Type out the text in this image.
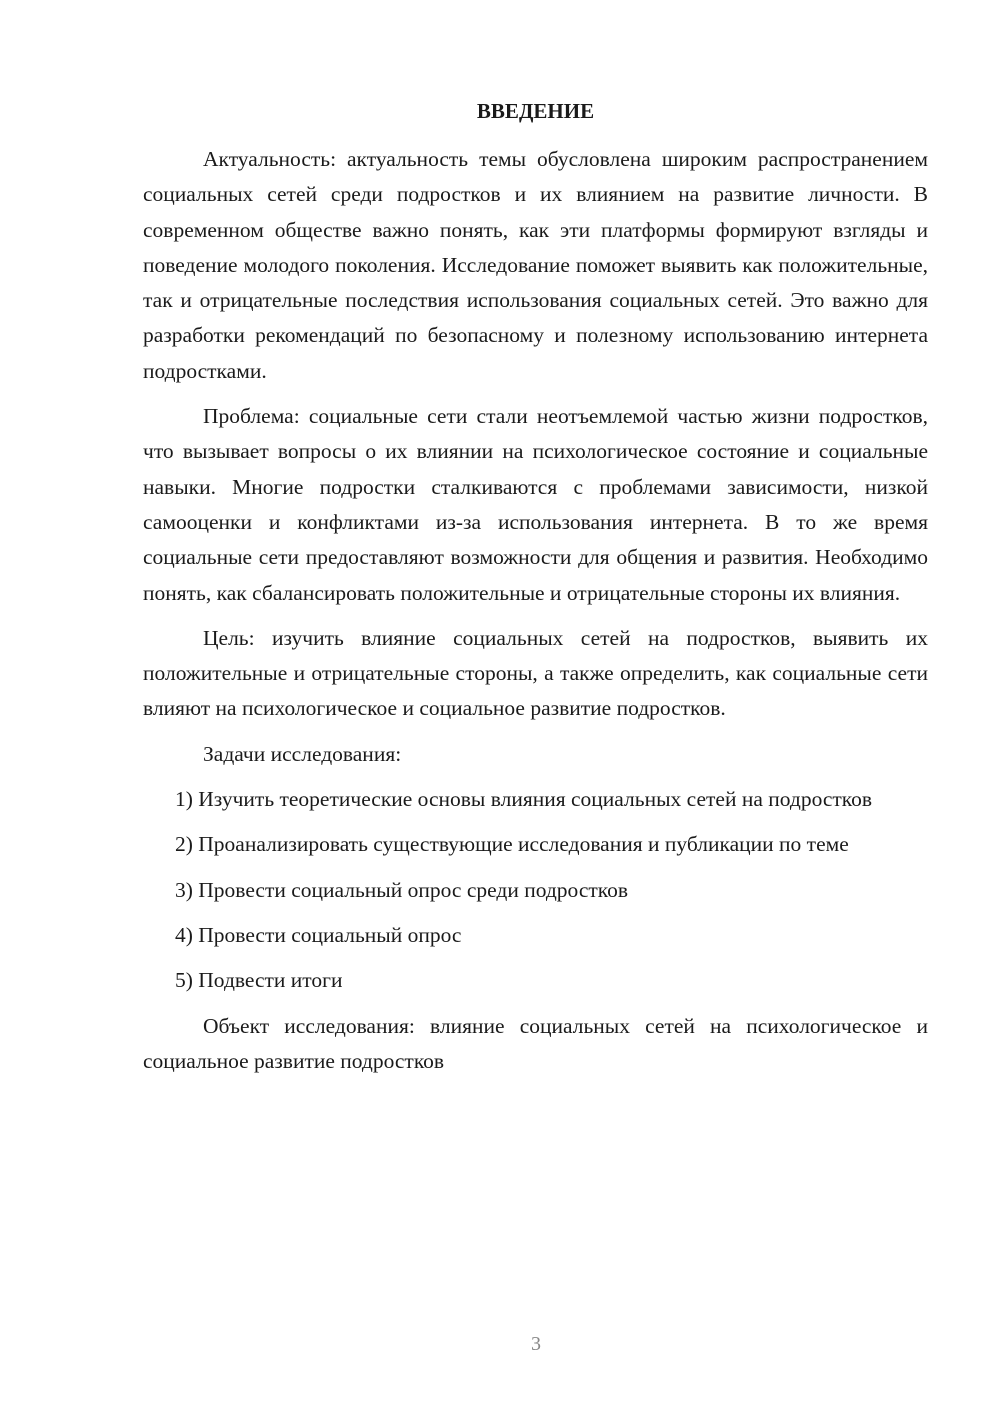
ВВЕДЕНИЕ

Актуальность: актуальность темы обусловлена широким распространением социальных сетей среди подростков и их влиянием на развитие личности. В современном обществе важно понять, как эти платформы формируют взгляды и поведение молодого поколения. Исследование поможет выявить как положительные, так и отрицательные последствия использования социальных сетей. Это важно для разработки рекомендаций по безопасному и полезному использованию интернета подростками.

Проблема: социальные сети стали неотъемлемой частью жизни подростков, что вызывает вопросы о их влиянии на психологическое состояние и социальные навыки. Многие подростки сталкиваются с проблемами зависимости, низкой самооценки и конфликтами из-за использования интернета. В то же время социальные сети предоставляют возможности для общения и развития. Необходимо понять, как сбалансировать положительные и отрицательные стороны их влияния.

Цель: изучить влияние социальных сетей на подростков, выявить их положительные и отрицательные стороны, а также определить, как социальные сети влияют на психологическое и социальное развитие подростков.

Задачи исследования:

1) Изучить теоретические основы влияния социальных сетей на подростков

2) Проанализировать существующие исследования и публикации по теме

3) Провести социальный опрос среди подростков

4) Провести социальный опрос

5) Подвести итоги

Объект исследования: влияние социальных сетей на психологическое и социальное развитие подростков

3
